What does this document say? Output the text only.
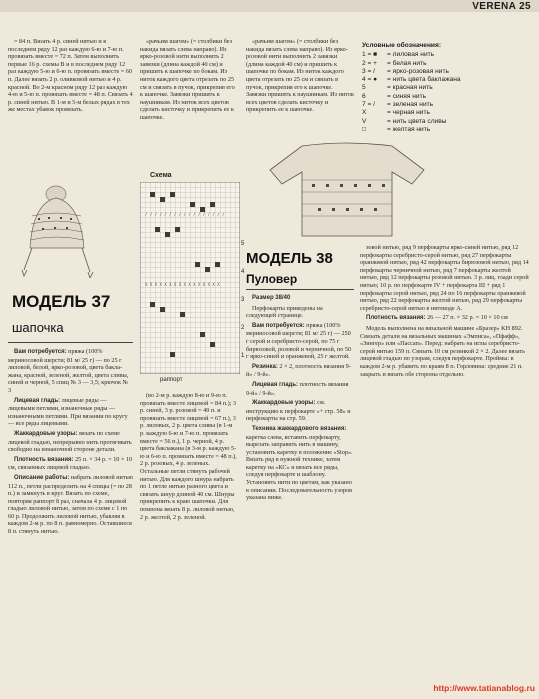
VERENA 25

= 84 п. Вязать 4 р. синей нитью и в последнем ряду 12 раз каждую 6-ю и 7-ю п. провязать вместе = 72 п. Затем выполнить первые 16 р. схемы В и в последнем ряду 12 раз каждую 5-ю и 6-ю п. провязать вместе = 60 п. Далее вязать 2 р. оливковой нитью и 4 р. красной. Во 2-м красном ряду 12 раз каждую 4-ю и 5-ю п. провязать вместе = 48 п. Связать 4 р. синей нитью. В 1-м и 5-м белых рядах в тех же местах убавок провязать.

МОДЕЛЬ 37
шапочка

Вам потребуется: пряжа (100% мериносовой шерсти; 81 м/ 25 г) — по 25 г лиловой, белой, ярко-розовой, цвета бакла-жана, красной, зеленой, желтой, цвета сливы, синей и черной, 5 спиц № 3 — 3,5; крючок № 3

Лицевая гладь: лицевые ряды — лицевыми петлями, изнаночные ряды — изнаночными петлями. При вязании по кругу — все ряды лицевыми.

Жаккардовые узоры: вязать по схеме лицевой гладью, непрерывно нить протягивать свободно на изнаночной стороне детали.

Плотность вязания: 25 п. × 34 р. = 10 × 10 см, связанных лицевой гладью.

Описание работы: набрать лиловой нитью 112 п., петли распределить на 4 спицы (= по 28 п.) и замкнуть в круг. Вязать по схеме, повторяя раппорт 8 раз, сначала 4 р. лицевой гладью лиловой нитью, затем по схеме с 1 по 60 р. Продолжить лиловой нитью, убавляя в каждом 2-м р. по 8 п. равномерно. Оставшиеся 8 п. стянуть нитью.

«рачьим шагом» (= столбики без накида вязать слева направо). Из ярко-розовой нити выполнить 2 завязки (длина каждой 40 см) и пришить к шапочке по бокам. Из ниток каждого цвета отрезать по 25 см и связать в пучок, прикрепив его к шапочке. Завязки пришить к наушникам. Из ниток всех цветов сделать кисточку и прикрепить ее к шапочке.

Схема
/ / / / / / / / / / / / / / / / /
X X X X X X X X X X X X X X X X
5
4
3
2
1
раппорт

(во 2-м р. каждую 8-ю и 9-ю п. провязать вместе лицевой = 84 п.); 3 р. синей, 3 р. розовой = 49 п. и провязать вместе лицевой = 67 п.), 3 р. лиловых, 2 р. цвета сливы (в 1-м р. каждую 6-ю и 7-ю п. провязать вместе = 56 п.), 1 р. черной, 4 р. цвета баклажана (в 3-м р. каждую 5-ю и 6-ю п. провязать вместе = 48 п.), 2 р. розовых, 4 р. зеленых. Остальные петли стянуть рабочей нитью. Для каждого шнура набрать по 1 петле нитью разного цвета и связать шнур длиной 40 см. Шнуры прикрепить к краю шапочки. Для помпона вязать 8 р. лиловой нитью, 2 р. желтой, 2 р. зеленой.

«рачьим шагом» (= столбики без накида вязать слева направо). Из ярко-розовой нити выполнить 2 завязки (длина каждой 40 см) и пришить к шапочке по бокам. Из ниток каждого цвета отрезать по 25 см и связать в пучок, прикрепив его к шапочке. Завязки пришить к наушникам. Из ниток всех цветов сделать кисточку и прикрепить ее к шапочке.

Условные обозначения:
1 = ■	= лиловая нить
2 = +	= белая нить
3 = /	= ярко-розовая нить
4 = ●	= нить цвета баклажана
5	= красная нить
6	= синяя нить
7 = /	= зеленая нить
X	= черная нить
V	= нить цвета сливы
□	= желтая нить
МОДЕЛЬ 38
Пуловер

Размер 38/40

Перфокарты приведены на следующей странице.

Вам потребуется: пряжа (100% мериносовой шерсти; 81 м/ 25 г) — 250 г серой и серебристо-серой, по 75 г бирюзовой, розовой и черничной, по 50 г ярко-синей и оранжевой, 25 г желтой.

Резинка: 2 × 2, плотность вязания 9-й» / 9-й».

Лицевая гладь: плотность вязания 9-й» / 9-й».

Жаккардовые узоры: см. инструкцию к перфокарте «+ стр. 58» и перфокарты на стр. 59.

Техника жаккардового вязания: каретка слева, вставить перфокарту, вырезать заправить нить в машину, установить каретку в положение «Stop». Вязать ряд в нужной технике, затем каретку на «КС» и вязать все ряды, следуя перфокарте и шаблону. Установить нити по цветам, как указано в описании. Последовательность узоров указана ниже.

зовой нитью, ряд 9 перфокарты ярко-синей нитью, ряд 12 перфокарты серебристо-серой нитью, ряд 27 перфокарты оранжевой нитью, ряд 42 перфокарты бирюзовой нитью, ряд 14 перфокарты черничной нитью, ряд 7 перфокарты желтой нитью, ряд 12 перфокарты розовой нитью. 3 р. лиц. глади серой нитью; 10 р. по перфокарте IV + перфокарта III + ряд 1 перфокарты серой нитью, ряд 24 по 16 перфокарты оранжевой нитью, ряд 22 перфокарты желтой нитью, ряд 29 перфокарты серебристо-серой нитью в нитеводе А.

Плотность вязания: 26 — 27 п. × 32 р. = 10 × 10 см

Модель выполнена на вязальной машине «Бразер» KH 892. Связать детали на вязальных машинах «Эмписа», «Пфафф», «Зингер» или «Пассап». Перед: набрать на иглы серебристо-серой нитью 159 п. Связать 10 см резинкой 2 × 2. Далее вязать лицевой гладью по узорам, следуя перфокарте. Проймы: в каждом 2-м р. убавить по краям 8 п. Горловина: средние 21 п. закрыть и вязать обе стороны отдельно.

http://www.tatianablog.ru
